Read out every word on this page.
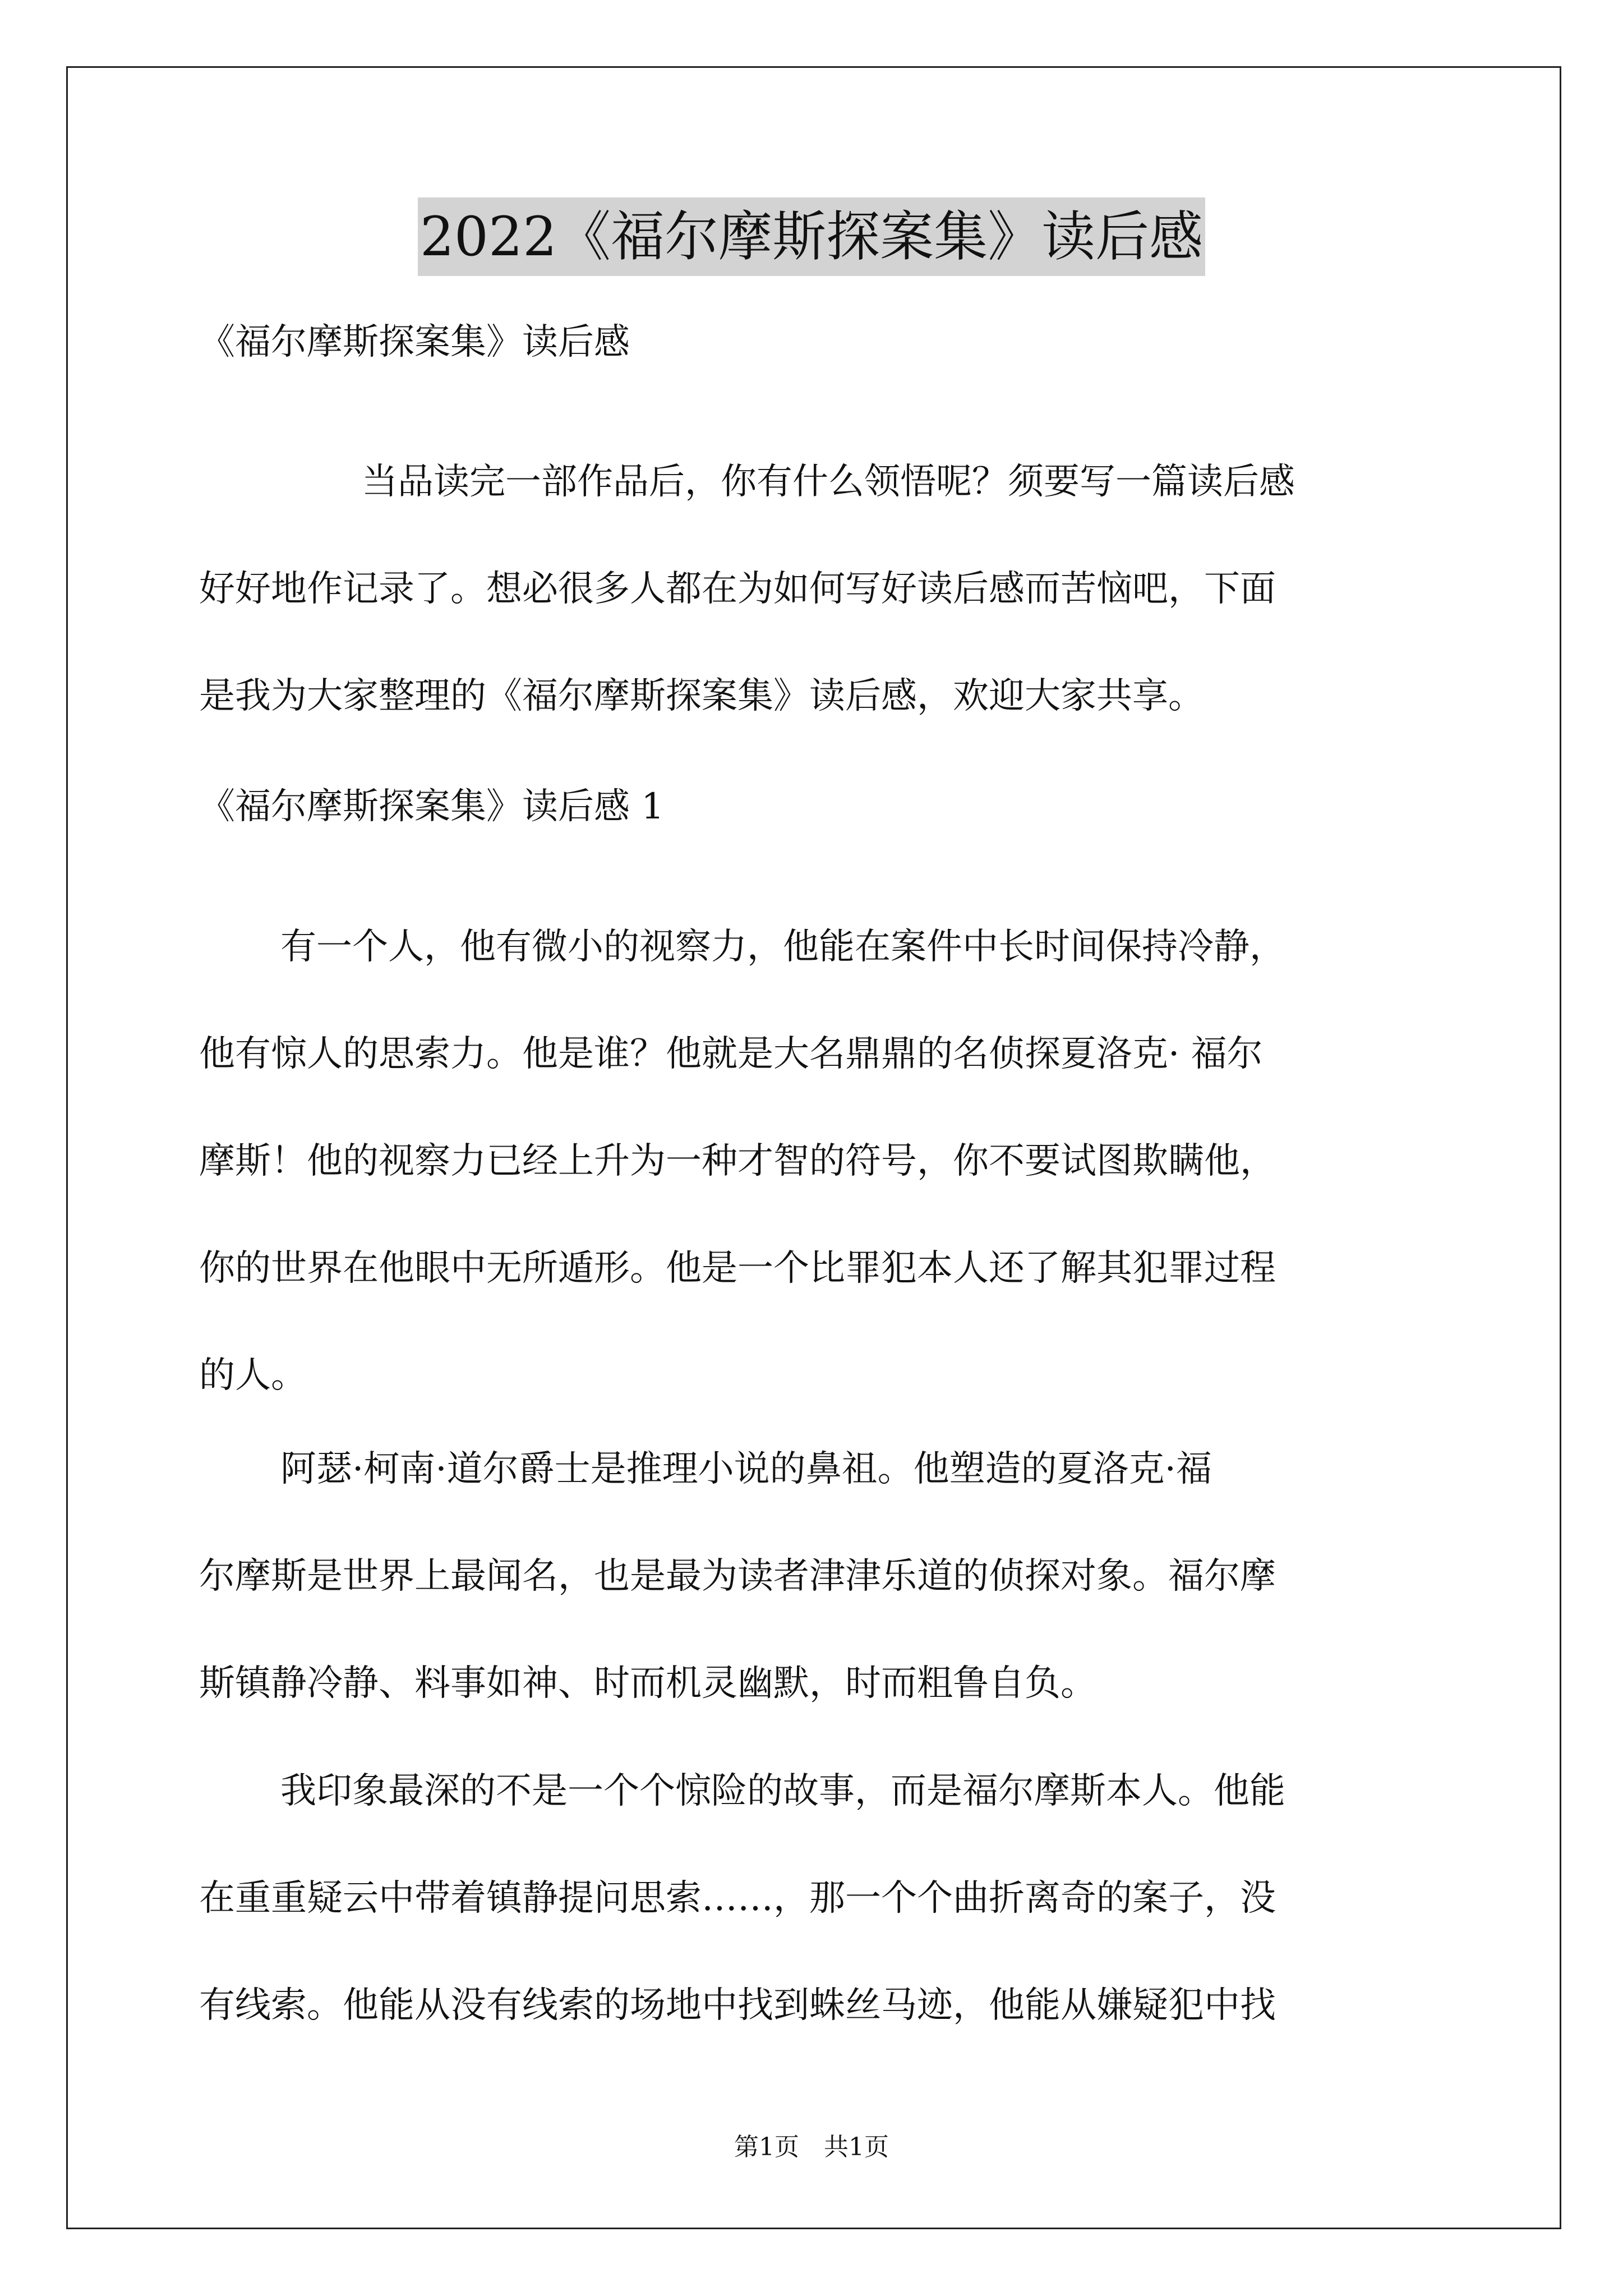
2022《福尔摩斯探案集》读后感

《福尔摩斯探案集》读后感

当品读完一部作品后，你有什么领悟呢？须要写一篇读后感
好好地作记录了。想必很多人都在为如何写好读后感而苦恼吧，下面
是我为大家整理的《福尔摩斯探案集》读后感，欢迎大家共享。

《福尔摩斯探案集》读后感 1

有一个人，他有微小的视察力，他能在案件中长时间保持冷静，
他有惊人的思索力。他是谁？他就是大名鼎鼎的名侦探夏洛克· 福尔
摩斯！他的视察力已经上升为一种才智的符号，你不要试图欺瞒他，
你的世界在他眼中无所遁形。他是一个比罪犯本人还了解其犯罪过程
的人。
阿瑟·柯南·道尔爵士是推理小说的鼻祖。他塑造的夏洛克·福
尔摩斯是世界上最闻名，也是最为读者津津乐道的侦探对象。福尔摩
斯镇静冷静、料事如神、时而机灵幽默，时而粗鲁自负。
我印象最深的不是一个个惊险的故事，而是福尔摩斯本人。他能
在重重疑云中带着镇静提问思索……，那一个个曲折离奇的案子，没
有线索。他能从没有线索的场地中找到蛛丝马迹，他能从嫌疑犯中找
第1页　共1页
